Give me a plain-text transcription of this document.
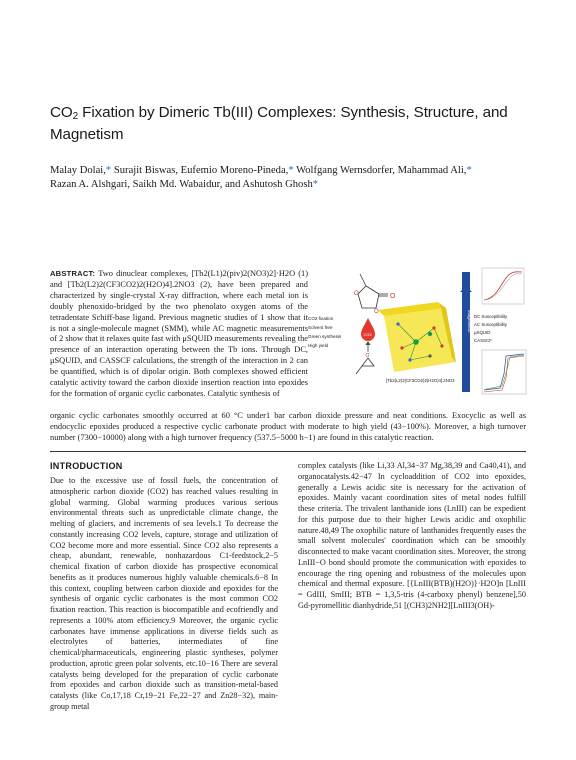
$CO_2$ Fixation by Dimeric Tb(III) Complexes: Synthesis, Structure, and Magnetism
Malay Dolai,* Surajit Biswas, Eufemio Moreno-Pineda,* Wolfgang Wernsdorfer, Mahammad Ali,*
Razan A. Alshgari, Saikh Md. Wabaidur, and Ashutosh Ghosh*
ABSTRACT: Two dinuclear complexes, [Tb2(L1)2(piv)2(NO3)2]·H2O (1) and [Tb2(L2)2(CF3CO2)2(H2O)4].2NO3 (2), have been prepared and characterized by single-crystal X-ray diffraction, where each metal ion is doubly phenoxido-bridged by the two phenolato oxygen atoms of the tetradentate Schiff-base ligand. Previous magnetic studies of 1 show that it is not a single-molecule magnet (SMM), while AC magnetic measurements of 2 show that it relaxes quite fast with μSQUID measurements revealing the presence of an interaction operating between the Tb ions. Through DC, μSQUID, and CASSCF calculations, the strength of the interaction in 2 can be quantified, which is of dipolar origin. Both complexes showed efficient catalytic activity toward the carbon dioxide insertion reaction into epoxides for the formation of organic cyclic carbonates. Catalytic synthesis of
O
O
O
CO2 fixation
Solvent free
Green synthesis
High yield
CO2
O
[Tb2(L2)2(CF3CO2)2(H2O)4].2NO3
Magnetism DC Susceptibility
AC Susceptibility
μSQUID
CASSCF
organic cyclic carbonates smoothly occurred at 60 °C under1 bar carbon dioxide pressure and neat conditions. Exocyclic as well as endocyclic epoxides produced a respective cyclic carbonate product with moderate to high yield (43−100%). Moreover, a high turnover number (7300−10000) along with a high turnover frequency (537.5−5000 h−1) are found in this catalytic reaction.
INTRODUCTION
Due to the excessive use of fossil fuels, the concentration of atmospheric carbon dioxide (CO2) has reached values resulting in global warming. Global warming produces various serious environmental threats such as unpredictable climate change, the melting of glaciers, and increments of sea levels.1 To decrease the constantly increasing CO2 levels, capture, storage and utilization of CO2 become more and more essential. Since CO2 also represents a cheap, abundant, renewable, nonhazardous C1-feedstock,2−5 chemical fixation of carbon dioxide has prospective economical benefits as it produces numerous highly valuable chemicals.6−8 In this context, coupling between carbon dioxide and epoxides for the synthesis of organic cyclic carbonates is the most common CO2 fixation reaction. This reaction is biocompatible and ecofriendly and represents a 100% atom efficiency.9 Moreover, the organic cyclic carbonates have immense applications in diverse fields such as electrolytes of batteries, intermediates of fine chemical/pharmaceuticals, engineering plastic syntheses, polymer production, aprotic green polar solvents, etc.10−16 There are several catalysts being developed for the preparation of cyclic carbonate from epoxides and carbon dioxide such as transition-metal-based catalysts (like Co,17,18 Cr,19−21 Fe,22−27 and Zn28−32), main-group metal
complex catalysts (like Li,33 Al,34−37 Mg,38,39 and Ca40,41), and organocatalysts.42−47 In cycloaddition of CO2 into epoxides, generally a Lewis acidic site is necessary for the activation of epoxides. Mainly vacant coordination sites of metal nodes fulfill these criteria. The trivalent lanthanide ions (LnIII) can be expedient for this purpose due to their higher Lewis acidic and oxophilic nature.48,49 The oxophilic nature of lanthanides frequently eases the small solvent molecules' coordination which can be smoothly disconnected to make vacant coordination sites. Moreover, the strong LnIII−O bond should promote the communication with epoxides to encourage the ring opening and robustness of the molecules upon chemical and thermal exposure. [{LnIII(BTB)(H2O)}·H2O]n [LnIII = GdIII, SmIII; BTB = 1,3,5-tris (4-carboxy phenyl) benzene],50 Gd-pyromellitic dianhydride,51 [(CH3)2NH2][LnIII3(OH)-
